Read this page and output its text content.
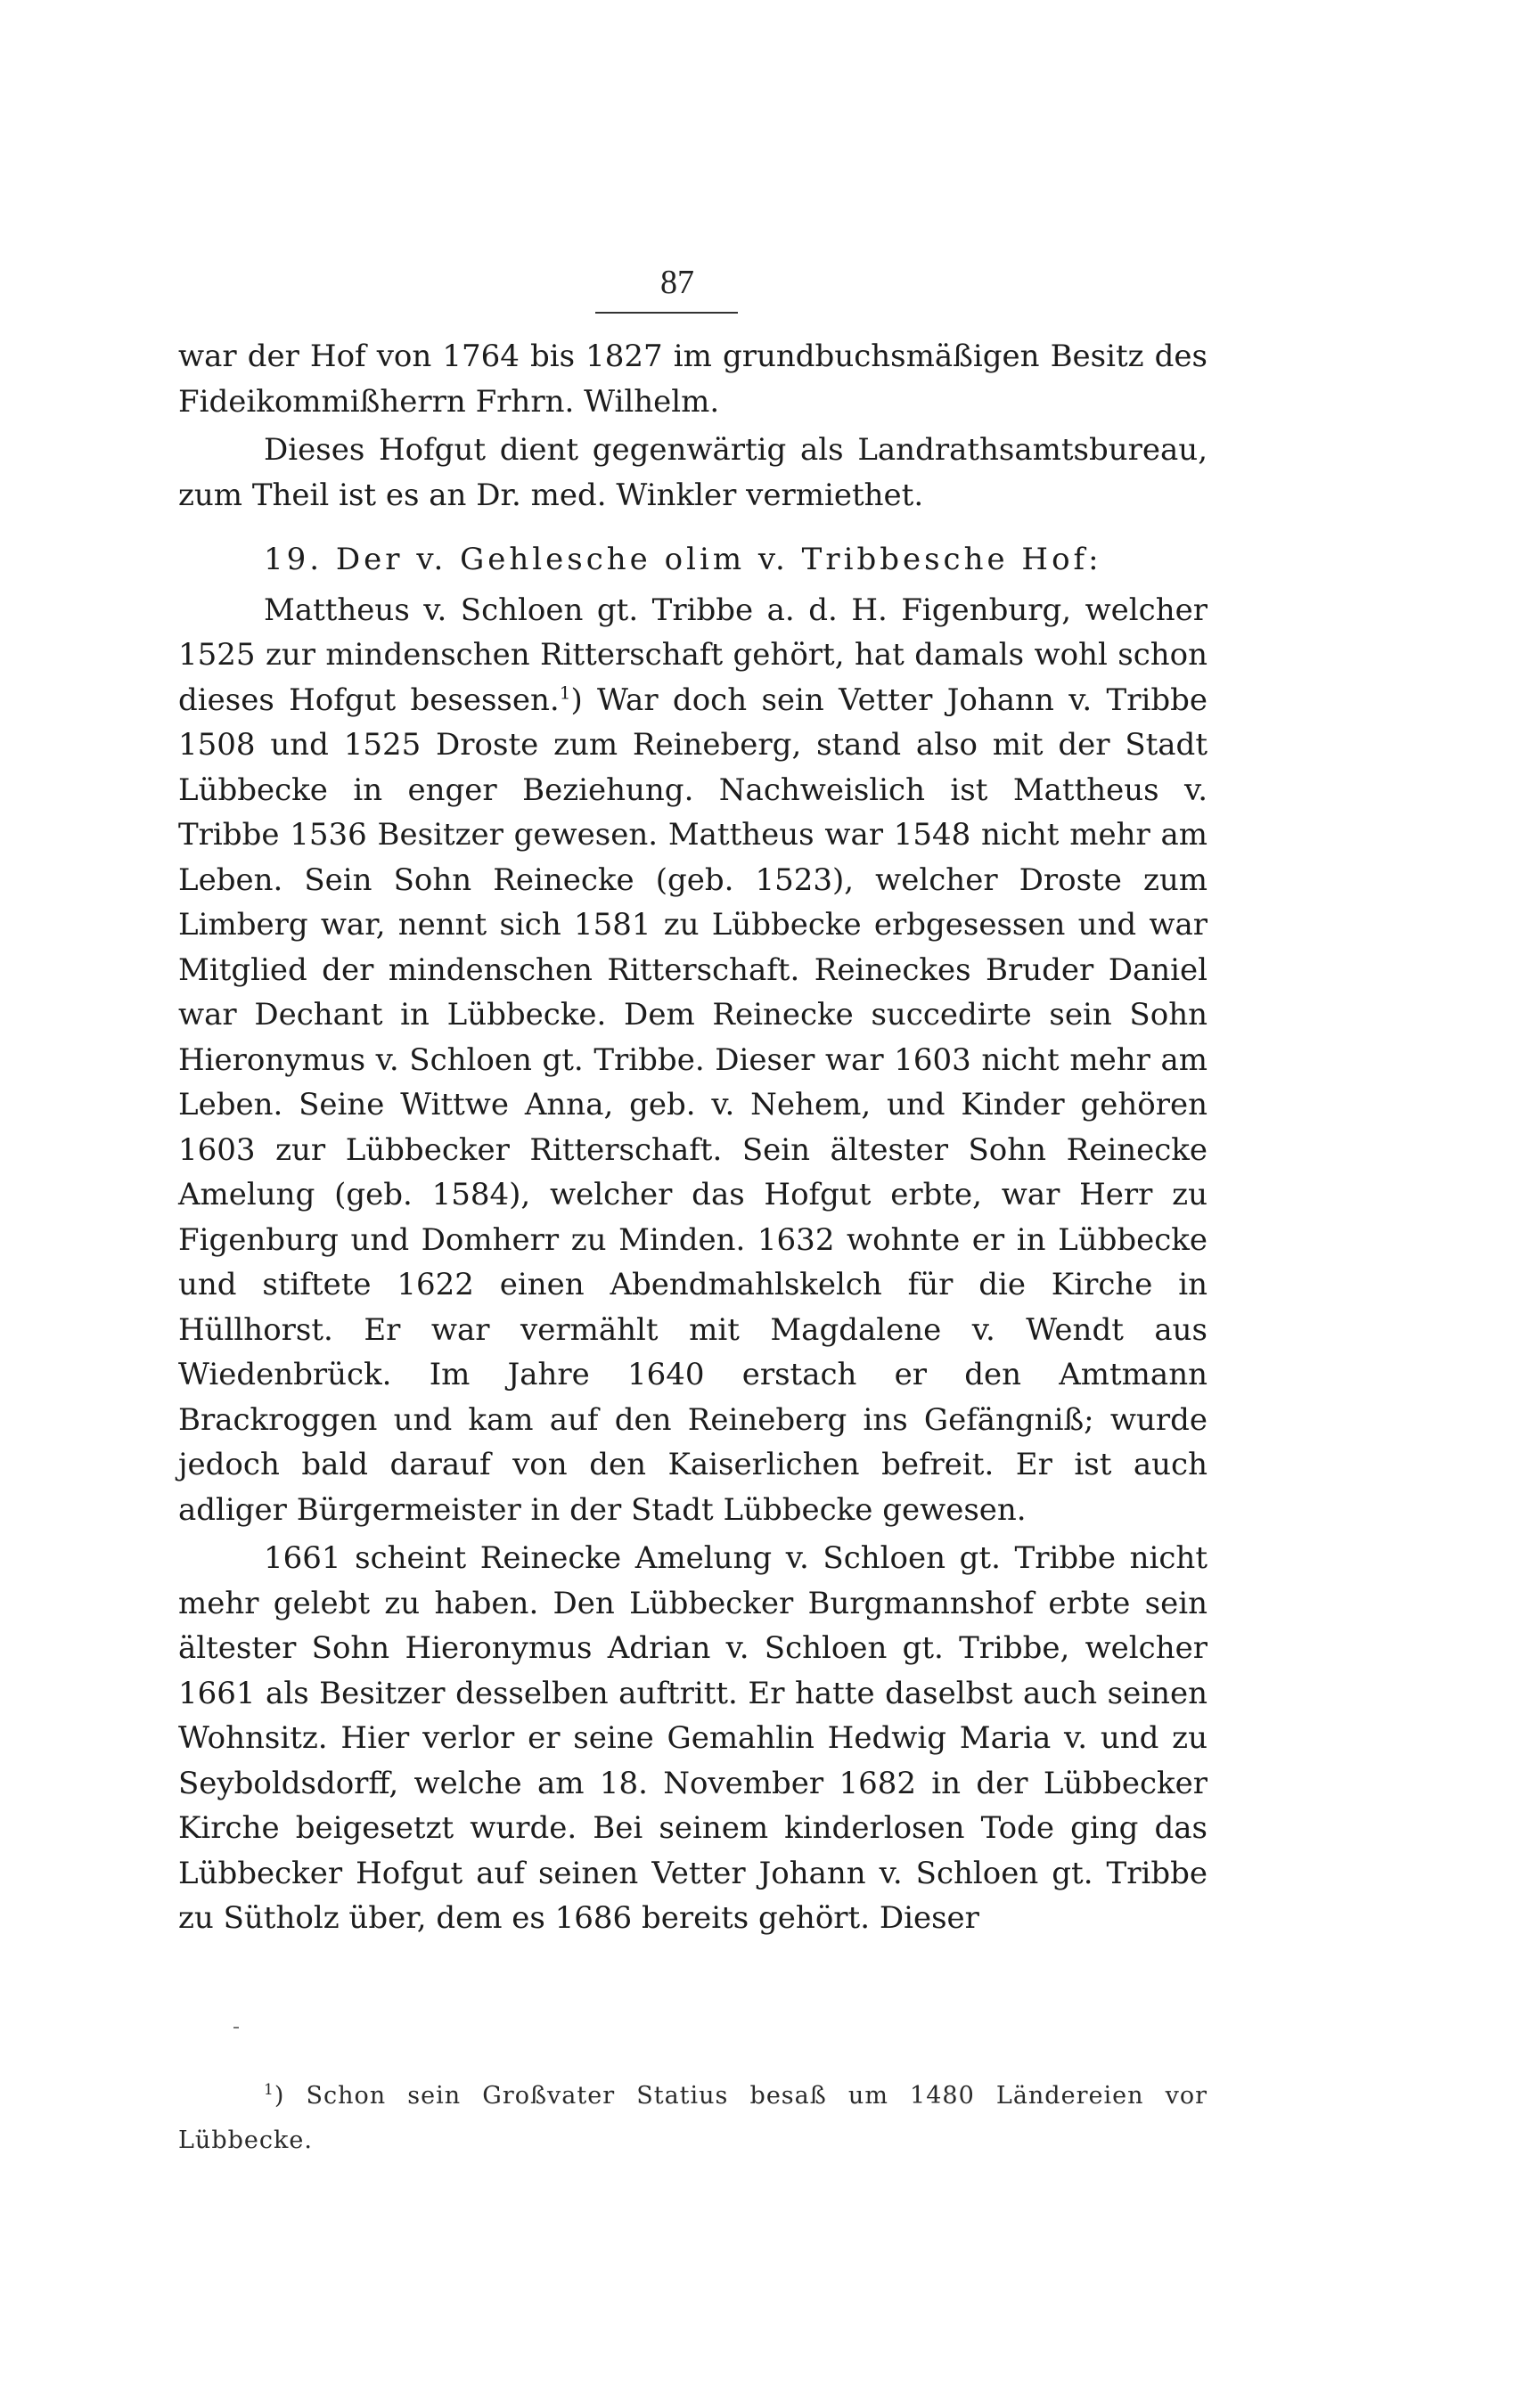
87

war der Hof von 1764 bis 1827 im grundbuchsmäßigen Besitz des Fideikommißherrn Frhrn. Wilhelm.

Dieses Hofgut dient gegenwärtig als Landrathsamtsbureau, zum Theil ist es an Dr. med. Winkler vermiethet.

19. Der v. Gehlesche olim v. Tribbesche Hof:

Mattheus v. Schloen gt. Tribbe a. d. H. Figenburg, welcher 1525 zur mindenschen Ritterschaft gehört, hat damals wohl schon dieses Hofgut besessen.$^1$) War doch sein Vetter Johann v. Tribbe 1508 und 1525 Droste zum Reineberg, stand also mit der Stadt Lübbecke in enger Beziehung. Nachweislich ist Mattheus v. Tribbe 1536 Besitzer gewesen. Mattheus war 1548 nicht mehr am Leben. Sein Sohn Reinecke (geb. 1523), welcher Droste zum Limberg war, nennt sich 1581 zu Lübbecke erbgesessen und war Mitglied der mindenschen Ritterschaft. Reineckes Bruder Daniel war Dechant in Lübbecke. Dem Reinecke succedirte sein Sohn Hieronymus v. Schloen gt. Tribbe. Dieser war 1603 nicht mehr am Leben. Seine Wittwe Anna, geb. v. Nehem, und Kinder gehören 1603 zur Lübbecker Ritterschaft. Sein ältester Sohn Reinecke Amelung (geb. 1584), welcher das Hofgut erbte, war Herr zu Figenburg und Domherr zu Minden. 1632 wohnte er in Lübbecke und stiftete 1622 einen Abendmahlskelch für die Kirche in Hüllhorst. Er war vermählt mit Magdalene v. Wendt aus Wiedenbrück. Im Jahre 1640 erstach er den Amtmann Brackroggen und kam auf den Reineberg ins Gefängniß; wurde jedoch bald darauf von den Kaiserlichen befreit. Er ist auch adliger Bürgermeister in der Stadt Lübbecke gewesen.

1661 scheint Reinecke Amelung v. Schloen gt. Tribbe nicht mehr gelebt zu haben. Den Lübbecker Burgmannshof erbte sein ältester Sohn Hieronymus Adrian v. Schloen gt. Tribbe, welcher 1661 als Besitzer desselben auftritt. Er hatte daselbst auch seinen Wohnsitz. Hier verlor er seine Gemahlin Hedwig Maria v. und zu Seyboldsdorff, welche am 18. November 1682 in der Lübbecker Kirche beigesetzt wurde. Bei seinem kinderlosen Tode ging das Lübbecker Hofgut auf seinen Vetter Johann v. Schloen gt. Tribbe zu Sütholz über, dem es 1686 bereits gehört. Dieser

$^1$) Schon sein Großvater Statius besaß um 1480 Ländereien vor Lübbecke.
